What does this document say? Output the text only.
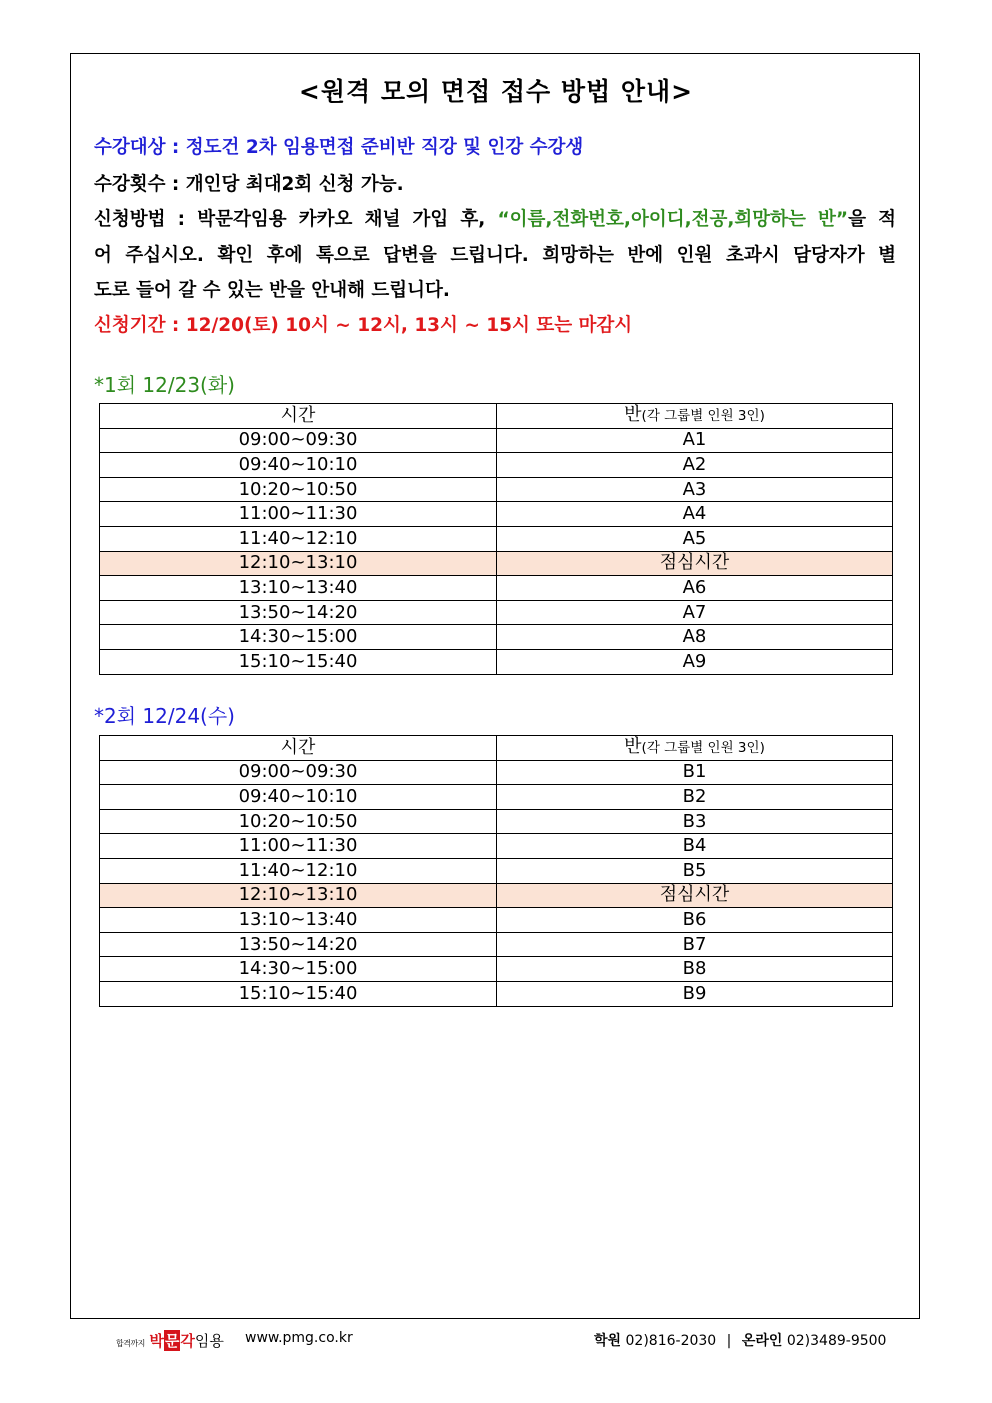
<원격 모의 면접 접수 방법 안내>
수강대상 : 정도건 2차 임용면접 준비반 직강 및 인강 수강생
수강횟수 : 개인당 최대2회 신청 가능.
신청방법 : 박문각임용 카카오 채널 가입 후, “이름,전화번호,아이디,전공,희망하는 반”을 적
어 주십시오. 확인 후에 톡으로 답변을 드립니다. 희망하는 반에 인원 초과시 담당자가 별
도로 들어 갈 수 있는 반을 안내해 드립니다.
신청기간 : 12/20(토) 10시 ~ 12시, 13시 ~ 15시 또는 마감시
*1회 12/23(화)
시간	반(각 그룹별 인원 3인)
09:00~09:30	A1
09:40~10:10	A2
10:20~10:50	A3
11:00~11:30	A4
11:40~12:10	A5
12:10~13:10	점심시간
13:10~13:40	A6
13:50~14:20	A7
14:30~15:00	A8
15:10~15:40	A9
*2회 12/24(수)
시간	반(각 그룹별 인원 3인)
09:00~09:30	B1
09:40~10:10	B2
10:20~10:50	B3
11:00~11:30	B4
11:40~12:10	B5
12:10~13:10	점심시간
13:10~13:40	B6
13:50~14:20	B7
14:30~15:00	B8
15:10~15:40	B9
합격까지 박문각임용 www.pmg.co.kr	학원 02)816-2030 | 온라인 02)3489-9500
